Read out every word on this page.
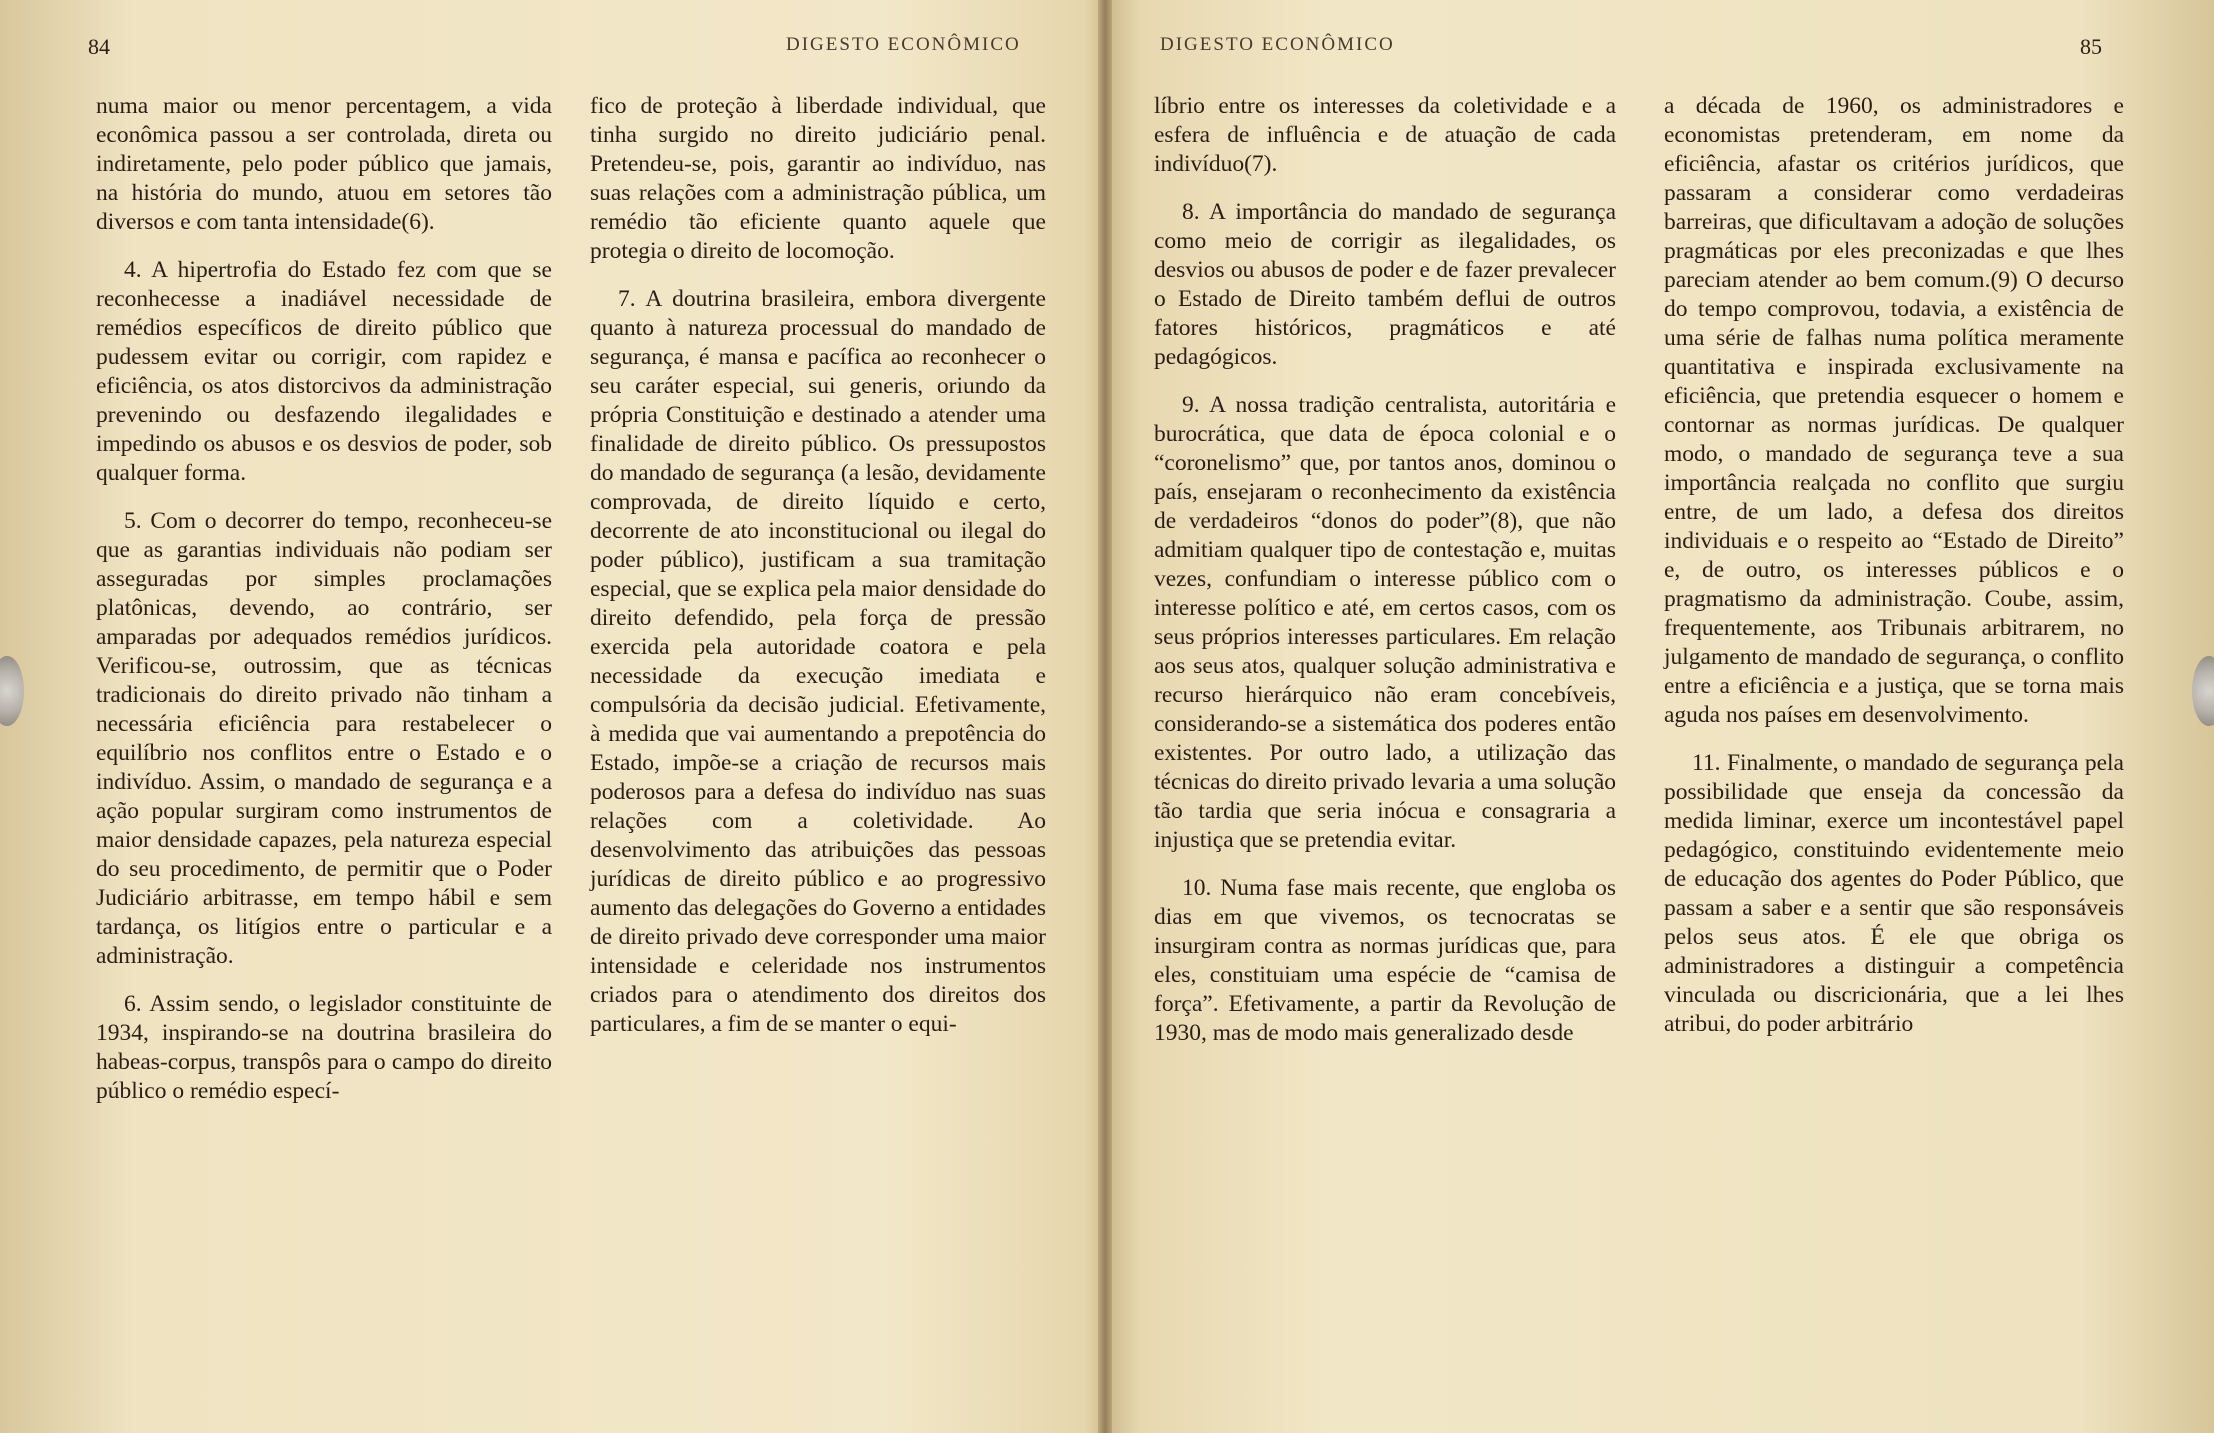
84	DIGESTO ECONÔMICO

numa maior ou menor percentagem, a vida econômica passou a ser controlada, direta ou indiretamente, pelo poder público que jamais, na história do mundo, atuou em setores tão diversos e com tanta intensidade(6).

4. A hipertrofia do Estado fez com que se reconhecesse a inadiável necessidade de remédios específicos de direito público que pudessem evitar ou corrigir, com rapidez e eficiência, os atos distorcivos da administração prevenindo ou desfazendo ilegalidades e impedindo os abusos e os desvios de poder, sob qualquer forma.

5. Com o decorrer do tempo, reconheceu-se que as garantias individuais não podiam ser asseguradas por simples proclamações platônicas, devendo, ao contrário, ser amparadas por adequados remédios jurídicos. Verificou-se, outrossim, que as técnicas tradicionais do direito privado não tinham a necessária eficiência para restabelecer o equilíbrio nos conflitos entre o Estado e o indivíduo. Assim, o mandado de segurança e a ação popular surgiram como instrumentos de maior densidade capazes, pela natureza especial do seu procedimento, de permitir que o Poder Judiciário arbitrasse, em tempo hábil e sem tardança, os litígios entre o particular e a administração.

6. Assim sendo, o legislador constituinte de 1934, inspirando-se na doutrina brasileira do habeas-corpus, transpôs para o campo do direito público o remédio especí-

fico de proteção à liberdade individual, que tinha surgido no direito judiciário penal. Pretendeu-se, pois, garantir ao indivíduo, nas suas relações com a administração pública, um remédio tão eficiente quanto aquele que protegia o direito de locomoção.

7. A doutrina brasileira, embora divergente quanto à natureza processual do mandado de segurança, é mansa e pacífica ao reconhecer o seu caráter especial, sui generis, oriundo da própria Constituição e destinado a atender uma finalidade de direito público. Os pressupostos do mandado de segurança (a lesão, devidamente comprovada, de direito líquido e certo, decorrente de ato inconstitucional ou ilegal do poder público), justificam a sua tramitação especial, que se explica pela maior densidade do direito defendido, pela força de pressão exercida pela autoridade coatora e pela necessidade da execução imediata e compulsória da decisão judicial. Efetivamente, à medida que vai aumentando a prepotência do Estado, impõe-se a criação de recursos mais poderosos para a defesa do indivíduo nas suas relações com a coletividade. Ao desenvolvimento das atribuições das pessoas jurídicas de direito público e ao progressivo aumento das delegações do Governo a entidades de direito privado deve corresponder uma maior intensidade e celeridade nos instrumentos criados para o atendimento dos direitos dos particulares, a fim de se manter o equi-

DIGESTO ECONÔMICO	85

líbrio entre os interesses da coletividade e a esfera de influência e de atuação de cada indivíduo(7).

8. A importância do mandado de segurança como meio de corrigir as ilegalidades, os desvios ou abusos de poder e de fazer prevalecer o Estado de Direito também deflui de outros fatores históricos, pragmáticos e até pedagógicos.

9. A nossa tradição centralista, autoritária e burocrática, que data de época colonial e o “coronelismo” que, por tantos anos, dominou o país, ensejaram o reconhecimento da existência de verdadeiros “donos do poder”(8), que não admitiam qualquer tipo de contestação e, muitas vezes, confundiam o interesse público com o interesse político e até, em certos casos, com os seus próprios interesses particulares. Em relação aos seus atos, qualquer solução administrativa e recurso hierárquico não eram concebíveis, considerando-se a sistemática dos poderes então existentes. Por outro lado, a utilização das técnicas do direito privado levaria a uma solução tão tardia que seria inócua e consagraria a injustiça que se pretendia evitar.

10. Numa fase mais recente, que engloba os dias em que vivemos, os tecnocratas se insurgiram contra as normas jurídicas que, para eles, constituiam uma espécie de “camisa de força”. Efetivamente, a partir da Revolução de 1930, mas de modo mais generalizado desde

a década de 1960, os administradores e economistas pretenderam, em nome da eficiência, afastar os critérios jurídicos, que passaram a considerar como verdadeiras barreiras, que dificultavam a adoção de soluções pragmáticas por eles preconizadas e que lhes pareciam atender ao bem comum.(9) O decurso do tempo comprovou, todavia, a existência de uma série de falhas numa política meramente quantitativa e inspirada exclusivamente na eficiência, que pretendia esquecer o homem e contornar as normas jurídicas. De qualquer modo, o mandado de segurança teve a sua importância realçada no conflito que surgiu entre, de um lado, a defesa dos direitos individuais e o respeito ao “Estado de Direito” e, de outro, os interesses públicos e o pragmatismo da administração. Coube, assim, frequentemente, aos Tribunais arbitrarem, no julgamento de mandado de segurança, o conflito entre a eficiência e a justiça, que se torna mais aguda nos países em desenvolvimento.

11. Finalmente, o mandado de segurança pela possibilidade que enseja da concessão da medida liminar, exerce um incontestável papel pedagógico, constituindo evidentemente meio de educação dos agentes do Poder Público, que passam a saber e a sentir que são responsáveis pelos seus atos. É ele que obriga os administradores a distinguir a competência vinculada ou discricionária, que a lei lhes atribui, do poder arbitrário
